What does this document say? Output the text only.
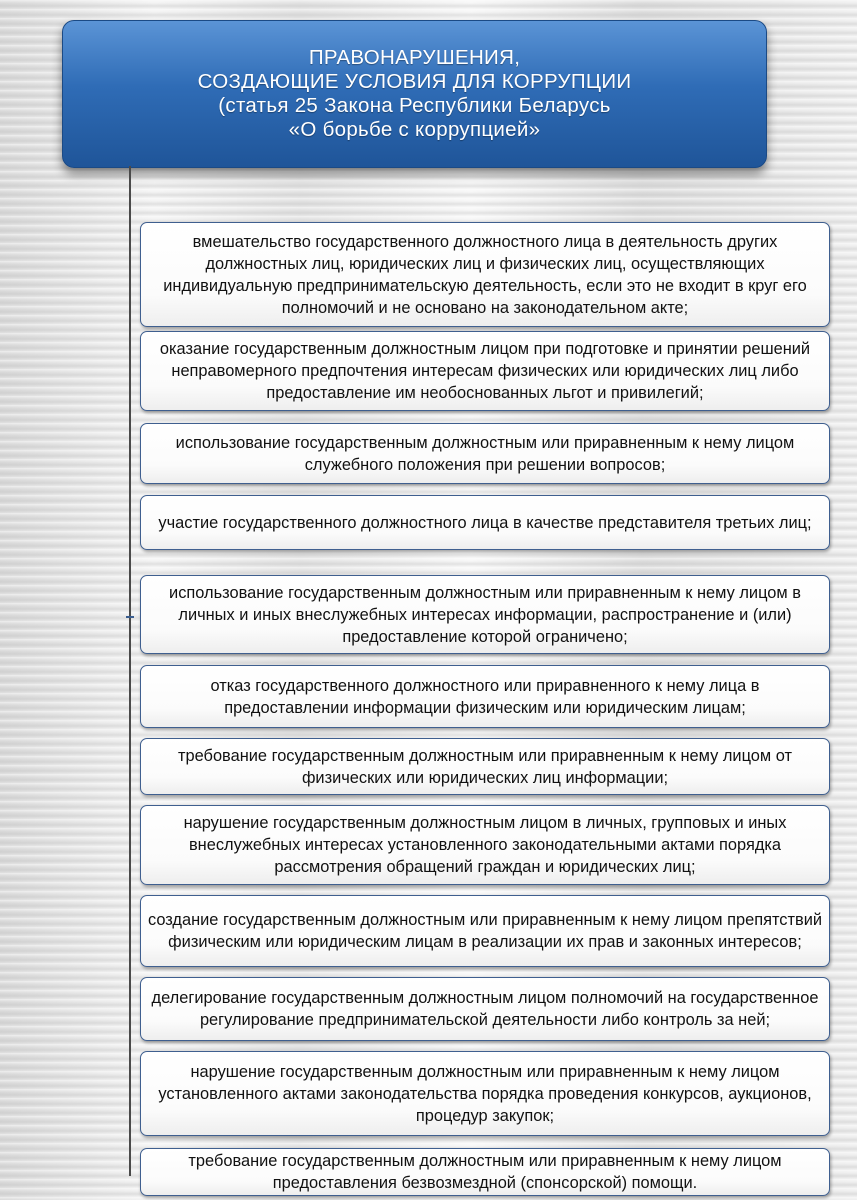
ПРАВОНАРУШЕНИЯ,
СОЗДАЮЩИЕ УСЛОВИЯ ДЛЯ КОРРУПЦИИ
(статья 25 Закона Республики Беларусь
«О борьбе с коррупцией»
вмешательство государственного должностного лица в деятельность других должностных лиц, юридических лиц и физических лиц, осуществляющих индивидуальную предпринимательскую деятельность, если это не входит в круг его полномочий и не основано на законодательном акте;
оказание государственным должностным лицом при подготовке и принятии решений неправомерного предпочтения интересам физических или юридических лиц либо предоставление им необоснованных льгот и привилегий;
использование государственным должностным или приравненным к нему лицом служебного положения при решении вопросов;
участие государственного должностного лица в качестве представителя третьих лиц;
использование государственным должностным или приравненным к нему лицом в личных и иных внеслужебных интересах информации, распространение и (или) предоставление которой ограничено;
отказ государственного должностного или приравненного к нему лица в предоставлении информации физическим или юридическим лицам;
требование государственным должностным или приравненным к нему лицом от физических или юридических лиц информации;
нарушение государственным должностным лицом в личных, групповых и иных внеслужебных интересах установленного законодательными актами порядка рассмотрения обращений граждан и юридических лиц;
создание государственным должностным или приравненным к нему лицом препятствий физическим или юридическим лицам в реализации их прав и законных интересов;
делегирование государственным должностным лицом полномочий на государственное регулирование предпринимательской деятельности либо контроль за ней;
нарушение государственным должностным или приравненным к нему лицом установленного актами законодательства порядка проведения конкурсов, аукционов, процедур закупок;
требование государственным должностным или приравненным к нему лицом предоставления безвозмездной (спонсорской) помощи.
